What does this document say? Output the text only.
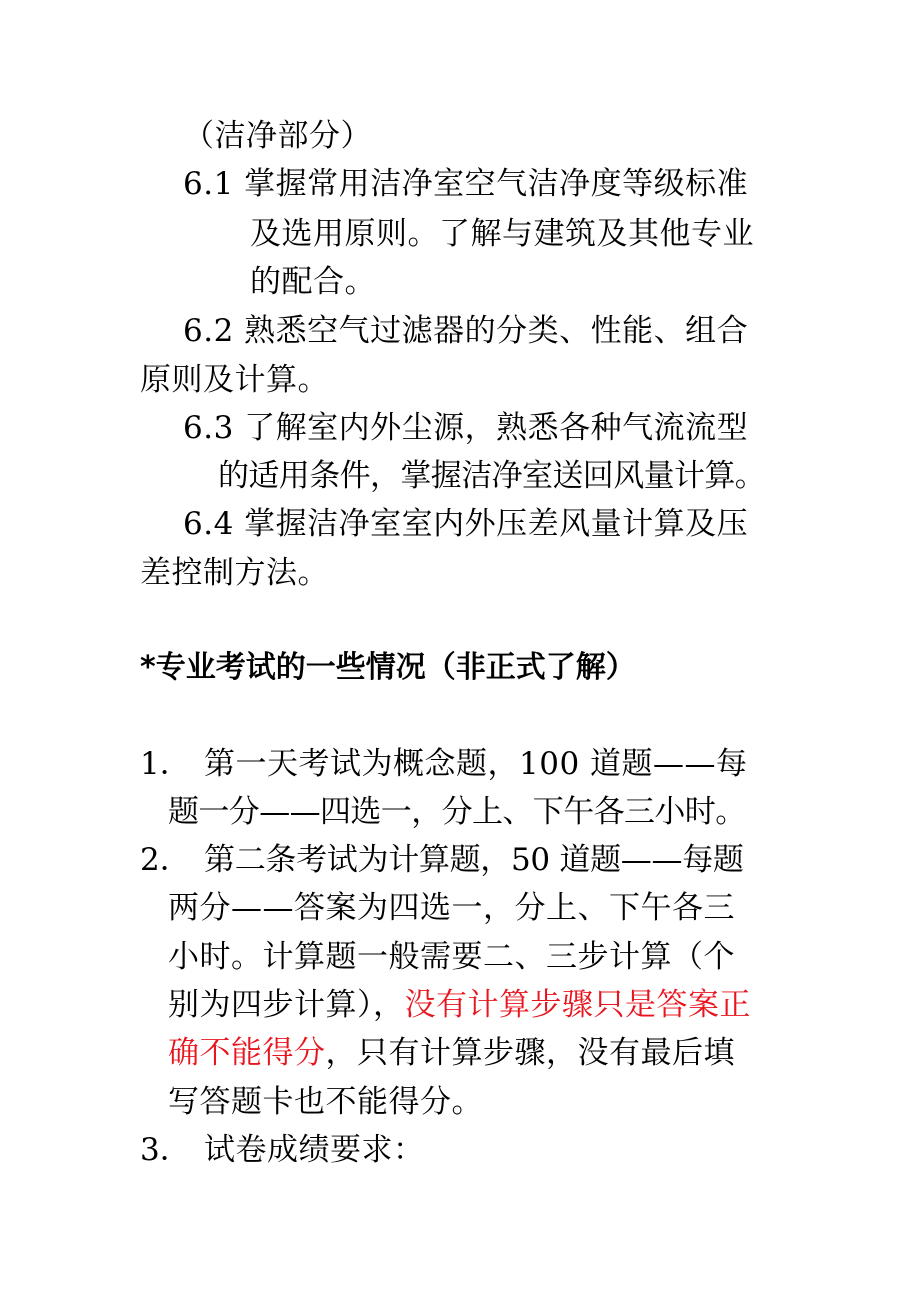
（洁净部分）
6.1 掌握常用洁净室空气洁净度等级标准
及选用原则。了解与建筑及其他专业
的配合。
6.2 熟悉空气过滤器的分类、性能、组合
原则及计算。
6.3 了解室内外尘源，熟悉各种气流流型
的适用条件，掌握洁净室送回风量计算。
6.4 掌握洁净室室内外压差风量计算及压
差控制方法。
*专业考试的一些情况（非正式了解）
1． 第一天考试为概念题，100 道题——每
题一分——四选一，分上、下午各三小时。
2． 第二条考试为计算题，50 道题——每题
两分——答案为四选一，分上、下午各三
小时。计算题一般需要二、三步计算（个
别为四步计算），没有计算步骤只是答案正
确不能得分，只有计算步骤，没有最后填
写答题卡也不能得分。
3． 试卷成绩要求：
